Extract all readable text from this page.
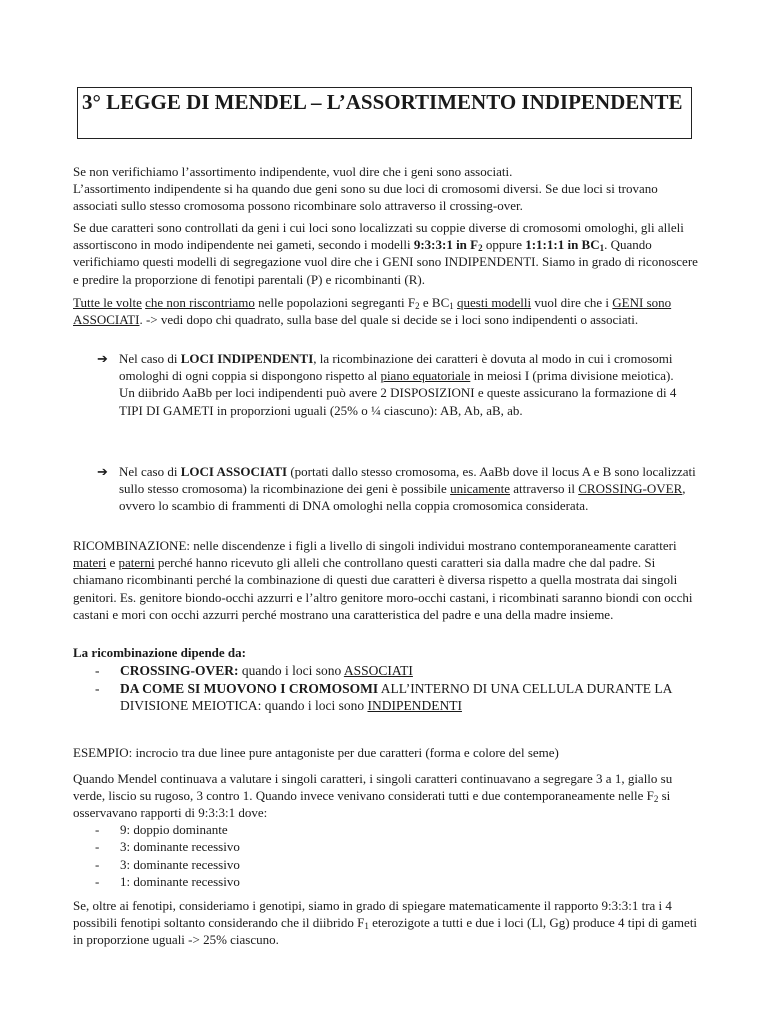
3° LEGGE DI MENDEL – L’ASSORTIMENTO INDIPENDENTE

Se non verifichiamo l’assortimento indipendente, vuol dire che i geni sono associati.
L’assortimento indipendente si ha quando due geni sono su due loci di cromosomi diversi. Se due loci si trovano associati sullo stesso cromosoma possono ricombinare solo attraverso il crossing-over.

Se due caratteri sono controllati da geni i cui loci sono localizzati su coppie diverse di cromosomi omologhi, gli alleli assortiscono in modo indipendente nei gameti, secondo i modelli 9:3:3:1 in $F_2$ oppure 1:1:1:1 in $BC_1$. Quando verifichiamo questi modelli di segregazione vuol dire che i GENI sono INDIPENDENTI. Siamo in grado di riconoscere e predire la proporzione di fenotipi parentali (P) e ricombinanti (R).

Tutte le volte che non riscontriamo nelle popolazioni segreganti $F_2$ e $BC_1$ questi modelli vuol dire che i GENI sono ASSOCIATI. -> vedi dopo chi quadrato, sulla base del quale si decide se i loci sono indipendenti o associati.

➔ Nel caso di LOCI INDIPENDENTI, la ricombinazione dei caratteri è dovuta al modo in cui i cromosomi omologhi di ogni coppia si dispongono rispetto al piano equatoriale in meiosi I (prima divisione meiotica).
Un diibrido AaBb per loci indipendenti può avere 2 DISPOSIZIONI e queste assicurano la formazione di 4 TIPI DI GAMETI in proporzioni uguali (25% o ¼ ciascuno): AB, Ab, aB, ab.
➔ Nel caso di LOCI ASSOCIATI (portati dallo stesso cromosoma, es. AaBb dove il locus A e B sono localizzati sullo stesso cromosoma) la ricombinazione dei geni è possibile unicamente attraverso il CROSSING-OVER, ovvero lo scambio di frammenti di DNA omologhi nella coppia cromosomica considerata.

RICOMBINAZIONE: nelle discendenze i figli a livello di singoli individui mostrano contemporaneamente caratteri materi e paterni perché hanno ricevuto gli alleli che controllano questi caratteri sia dalla madre che dal padre. Si chiamano ricombinanti perché la combinazione di questi due caratteri è diversa rispetto a quella mostrata dai singoli genitori. Es. genitore biondo-occhi azzurri e l’altro genitore moro-occhi castani, i ricombinati saranno biondi con occhi castani e mori con occhi azzurri perché mostrano una caratteristica del padre e una della madre insieme.

La ricombinazione dipende da:

- CROSSING-OVER: quando i loci sono ASSOCIATI
- DA COME SI MUOVONO I CROMOSOMI ALL’INTERNO DI UNA CELLULA DURANTE LA DIVISIONE MEIOTICA: quando i loci sono INDIPENDENTI

ESEMPIO: incrocio tra due linee pure antagoniste per due caratteri (forma e colore del seme)

Quando Mendel continuava a valutare i singoli caratteri, i singoli caratteri continuavano a segregare 3 a 1, giallo su verde, liscio su rugoso, 3 contro 1. Quando invece venivano considerati tutti e due contemporaneamente nelle $F_2$ si osservavano rapporti di 9:3:3:1 dove:

- 9: doppio dominante
- 3: dominante recessivo
- 3: dominante recessivo
- 1: dominante recessivo

Se, oltre ai fenotipi, consideriamo i genotipi, siamo in grado di spiegare matematicamente il rapporto 9:3:3:1 tra i 4 possibili fenotipi soltanto considerando che il diibrido $F_1$ eterozigote a tutti e due i loci (Ll, Gg) produce 4 tipi di gameti in proporzione uguali -> 25% ciascuno.
